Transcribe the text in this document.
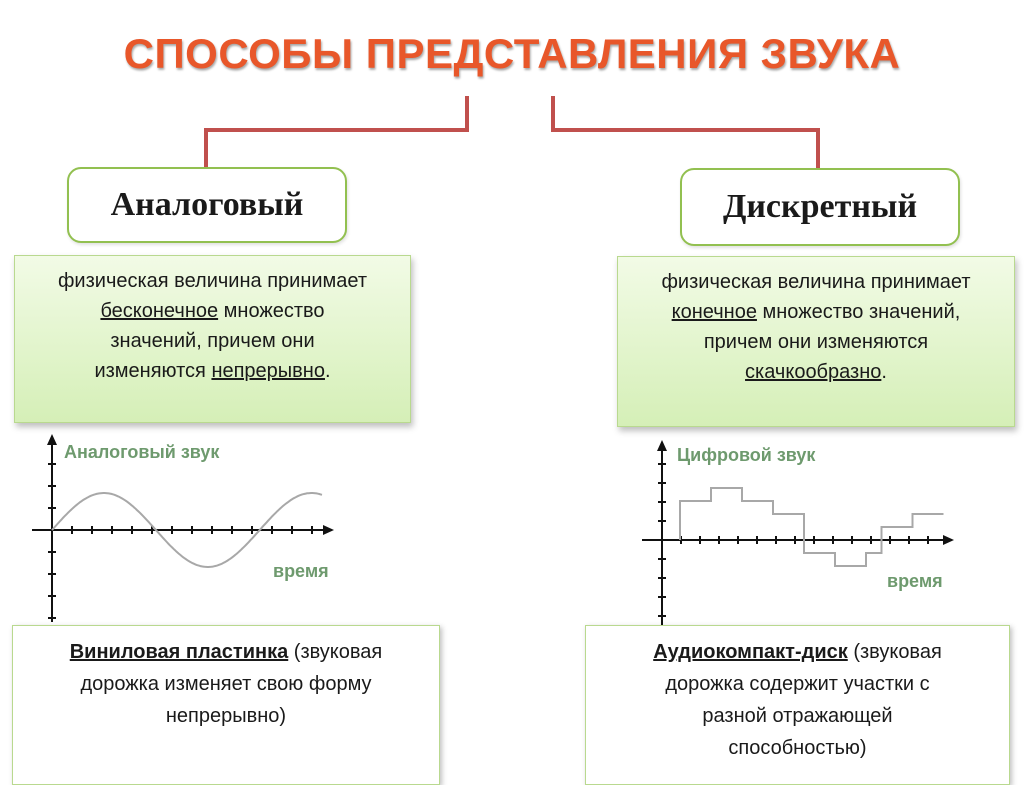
СПОСОБЫ ПРЕДСТАВЛЕНИЯ ЗВУКА
Аналоговый	Дискретный
физическая величина принимает
бесконечное множество
значений, причем они
изменяются непрерывно.
физическая величина принимает
конечное множество значений,
причем они изменяются
скачкообразно.
Аналоговый звук
время
Цифровой звук
время
Виниловая пластинка (звуковая
дорожка изменяет свою форму
непрерывно)
Аудиокомпакт-диск (звуковая
дорожка содержит участки с
разной отражающей
способностью)
